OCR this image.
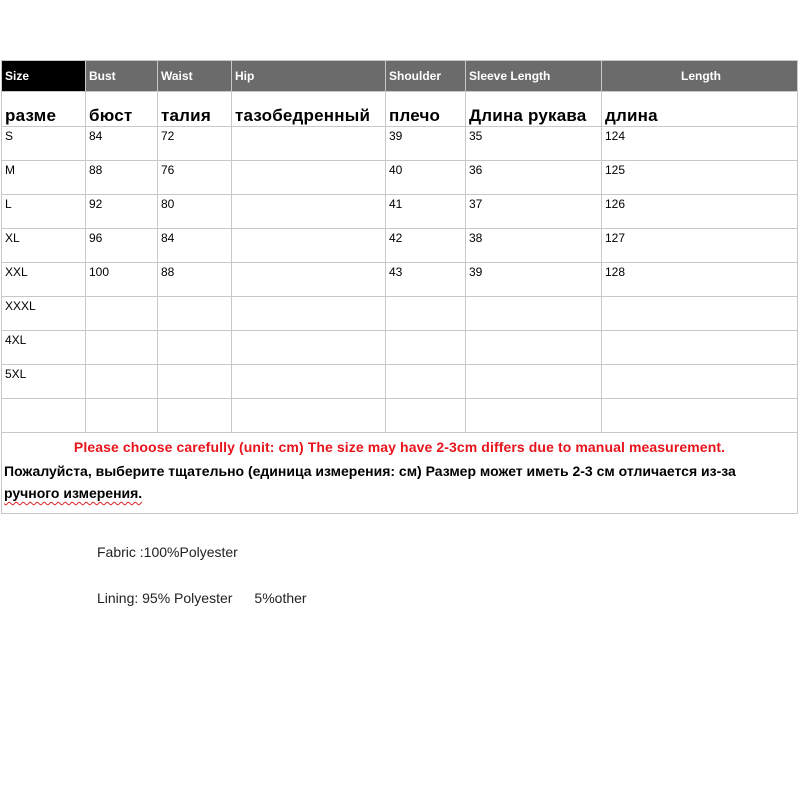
Size	Bust	Waist	Hip	Shoulder	Sleeve Length	Length
разме	бюст	талия	тазобедренный	плечо	Длина рукава	длина
S	84	72		39	35	124
M	88	76		40	36	125
L	92	80		41	37	126
XL	96	84		42	38	127
XXL	100	88		43	39	128
XXXL						
4XL						
5XL						

Please choose carefully (unit: cm) The size may have 2-3cm differs due to manual measurement.
Пожалуйста, выберите тщательно (единица измерения: см) Размер может иметь 2-3 см отличается из-за
ручного измерения.						
Fabric :100%Polyester
Lining: 95% Polyester 5%other
